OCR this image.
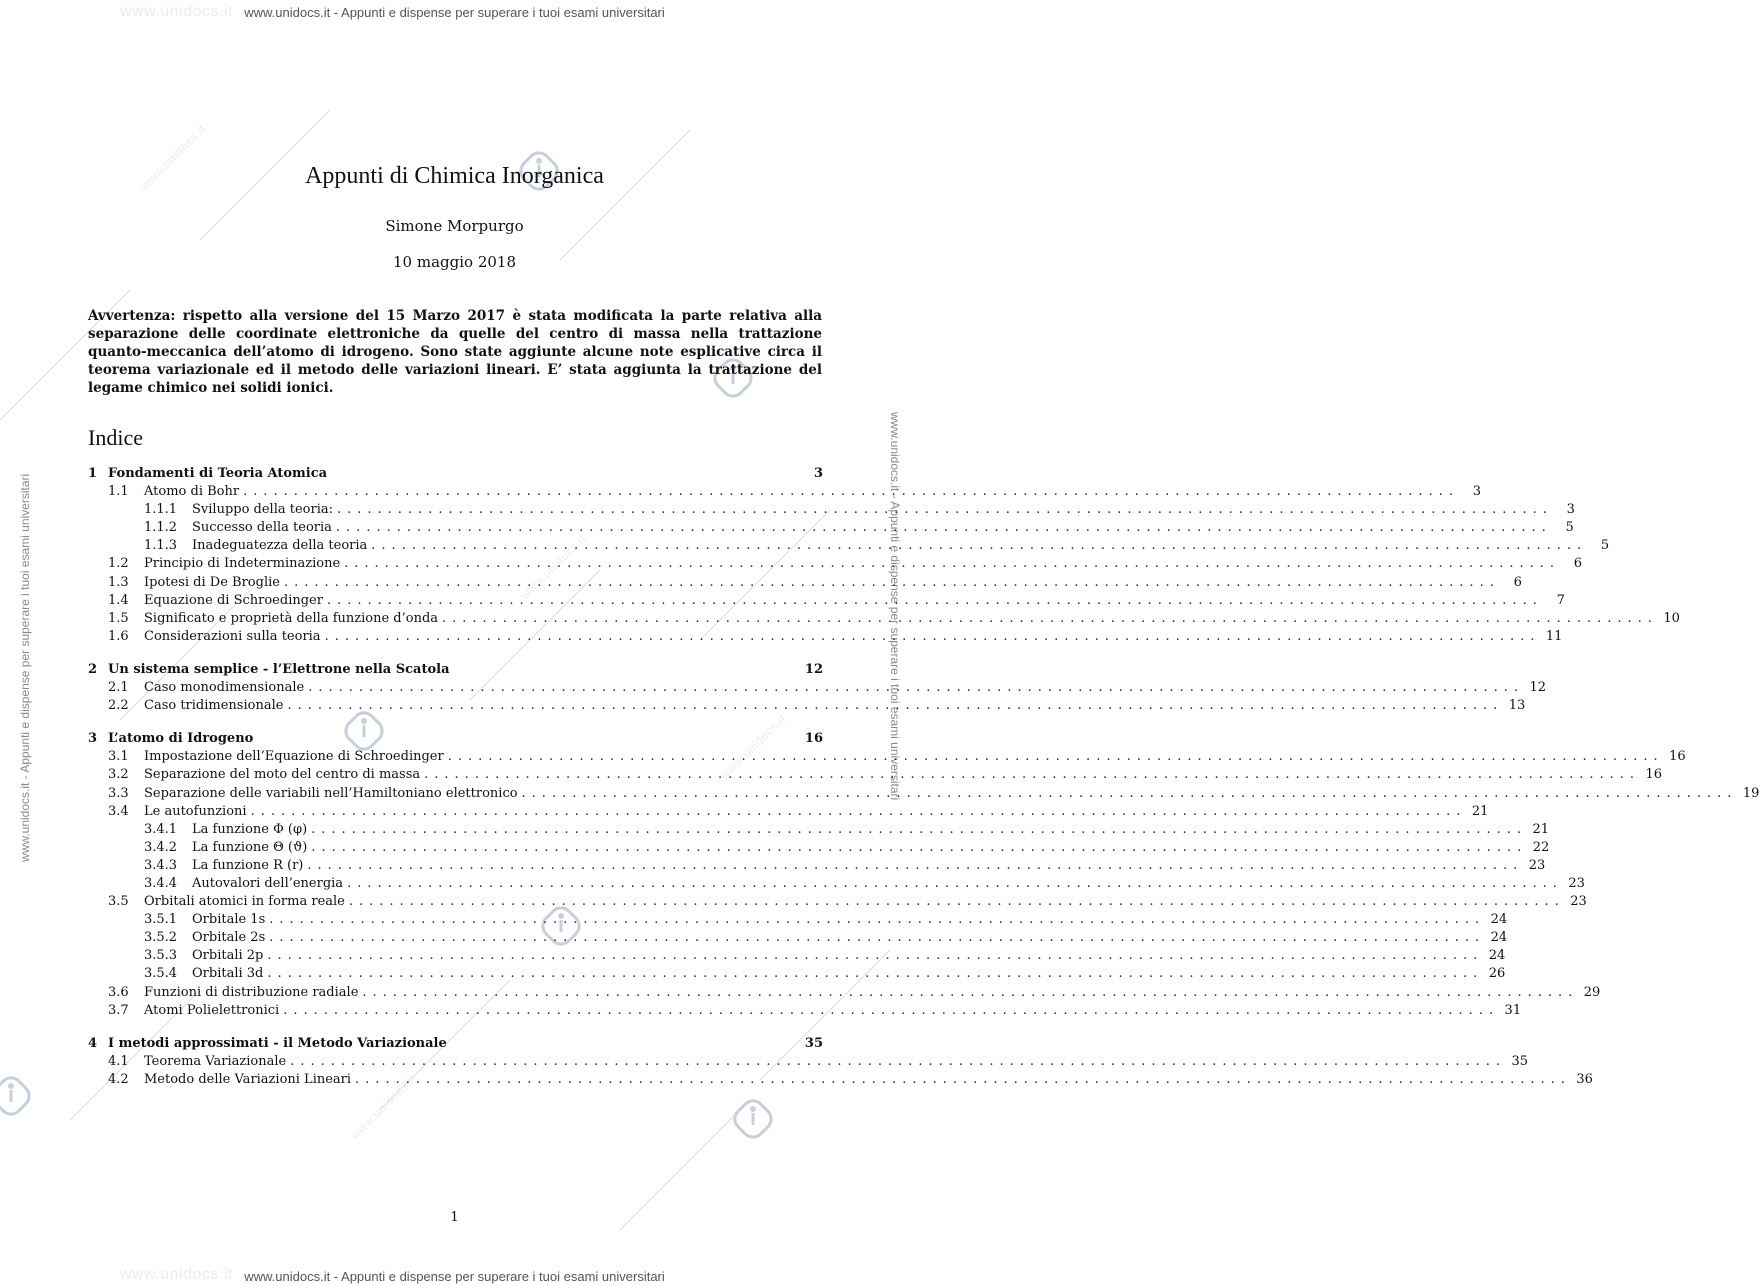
www.unidocs.it - Appunti e dispense per superare i tuoi esami universitari
www.unidocs.it - Appunti e dispense per superare i tuoi esami universitari
www.unidocs.it
www.unidocs.it
www.unidocs.it
www.unidocs.it
www.unidocs.it
www.unidocs.it
www.unidocs.it - Appunti e dispense per superare i tuoi esami universitari	www.unidocs.it - Appunti e dispense per superare i tuoi esami universitari
Appunti di Chimica Inorganica
Simone Morpurgo
10 maggio 2018
Avvertenza: rispetto alla versione del 15 Marzo 2017 è stata modificata la parte relativa alla separazione delle coordinate elettroniche da quelle del centro di massa nella trattazione quanto-meccanica dell’atomo di idrogeno. Sono state aggiunte alcune note esplicative circa il teorema variazionale ed il metodo delle variazioni lineari. E’ stata aggiunta la trattazione del legame chimico nei solidi ionici.
Indice
1 Fondamenti di Teoria Atomica	3
1.1	Atomo di Bohr ........................................................................................................................	3
1.1.1	Sviluppo della teoria: ........................................................................................................................	3
1.1.2	Successo della teoria ........................................................................................................................	5
1.1.3	Inadeguatezza della teoria ........................................................................................................................	5
1.2	Principio di Indeterminazione ........................................................................................................................	6
1.3	Ipotesi di De Broglie ........................................................................................................................	6
1.4	Equazione di Schroedinger ........................................................................................................................	7
1.5	Significato e proprietà della funzione d’onda ........................................................................................................................ 10
1.6	Considerazioni sulla teoria ........................................................................................................................ 11
2 Un sistema semplice - l’Elettrone nella Scatola	12
2.1	Caso monodimensionale ........................................................................................................................ 12
2.2	Caso tridimensionale ........................................................................................................................ 13
3 L’atomo di Idrogeno	16
3.1	Impostazione dell’Equazione di Schroedinger ........................................................................................................................ 16
3.2	Separazione del moto del centro di massa ........................................................................................................................ 16
3.3	Separazione delle variabili nell’Hamiltoniano elettronico ........................................................................................................................ 19
3.4	Le autofunzioni ........................................................................................................................ 21
3.4.1	La funzione Φ (φ) ........................................................................................................................ 21
3.4.2	La funzione Θ (ϑ) ........................................................................................................................ 22
3.4.3	La funzione R (r) ........................................................................................................................ 23
3.4.4	Autovalori dell’energia ........................................................................................................................ 23
3.5	Orbitali atomici in forma reale ........................................................................................................................ 23
3.5.1	Orbitale 1s ........................................................................................................................ 24
3.5.2	Orbitale 2s ........................................................................................................................ 24
3.5.3	Orbitali 2p ........................................................................................................................ 24
3.5.4	Orbitali 3d ........................................................................................................................ 26
3.6	Funzioni di distribuzione radiale ........................................................................................................................ 29
3.7	Atomi Polielettronici ........................................................................................................................ 31
4 I metodi approssimati - il Metodo Variazionale	35
4.1	Teorema Variazionale ........................................................................................................................ 35
4.2	Metodo delle Variazioni Lineari ........................................................................................................................ 36
1
